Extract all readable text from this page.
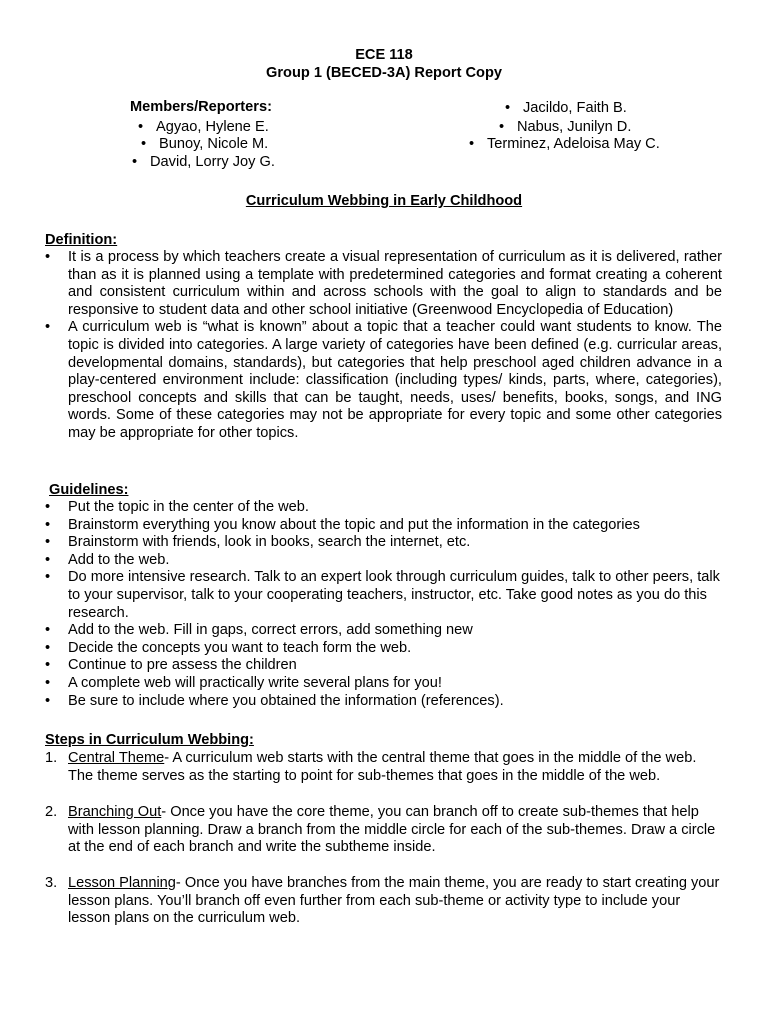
ECE 118
Group 1 (BECED-3A) Report Copy
Members/Reporters:
• Agyao, Hylene E.
• Bunoy, Nicole M.
• David, Lorry Joy G.
• Jacildo, Faith B.
• Nabus, Junilyn D.
• Terminez, Adeloisa May C.
Curriculum Webbing in Early Childhood
Definition:
• It is a process by which teachers create a visual representation of curriculum as it is delivered, rather than as it is planned using a template with predetermined categories and format creating a coherent and consistent curriculum within and across schools with the goal to align to standards and be responsive to student data and other school initiative (Greenwood Encyclopedia of Education)
• A curriculum web is “what is known” about a topic that a teacher could want students to know. The topic is divided into categories. A large variety of categories have been defined (e.g. curricular areas, developmental domains, standards), but categories that help preschool aged children advance in a play-centered environment include: classification (including types/ kinds, parts, where, categories), preschool concepts and skills that can be taught, needs, uses/ benefits, books, songs, and ING words. Some of these categories may not be appropriate for every topic and some other categories may be appropriate for other topics.
Guidelines:
• Put the topic in the center of the web.
• Brainstorm everything you know about the topic and put the information in the categories
• Brainstorm with friends, look in books, search the internet, etc.
• Add to the web.
• Do more intensive research. Talk to an expert look through curriculum guides, talk to other peers, talk to your supervisor, talk to your cooperating teachers, instructor, etc. Take good notes as you do this research.
• Add to the web. Fill in gaps, correct errors, add something new
• Decide the concepts you want to teach form the web.
• Continue to pre assess the children
• A complete web will practically write several plans for you!
• Be sure to include where you obtained the information (references).
Steps in Curriculum Webbing:
1. Central Theme- A curriculum web starts with the central theme that goes in the middle of the web. The theme serves as the starting to point for sub-themes that goes in the middle of the web.
2. Branching Out- Once you have the core theme, you can branch off to create sub-themes that help with lesson planning. Draw a branch from the middle circle for each of the sub-themes. Draw a circle at the end of each branch and write the subtheme inside.
3. Lesson Planning- Once you have branches from the main theme, you are ready to start creating your lesson plans. You’ll branch off even further from each sub-theme or activity type to include your lesson plans on the curriculum web.
